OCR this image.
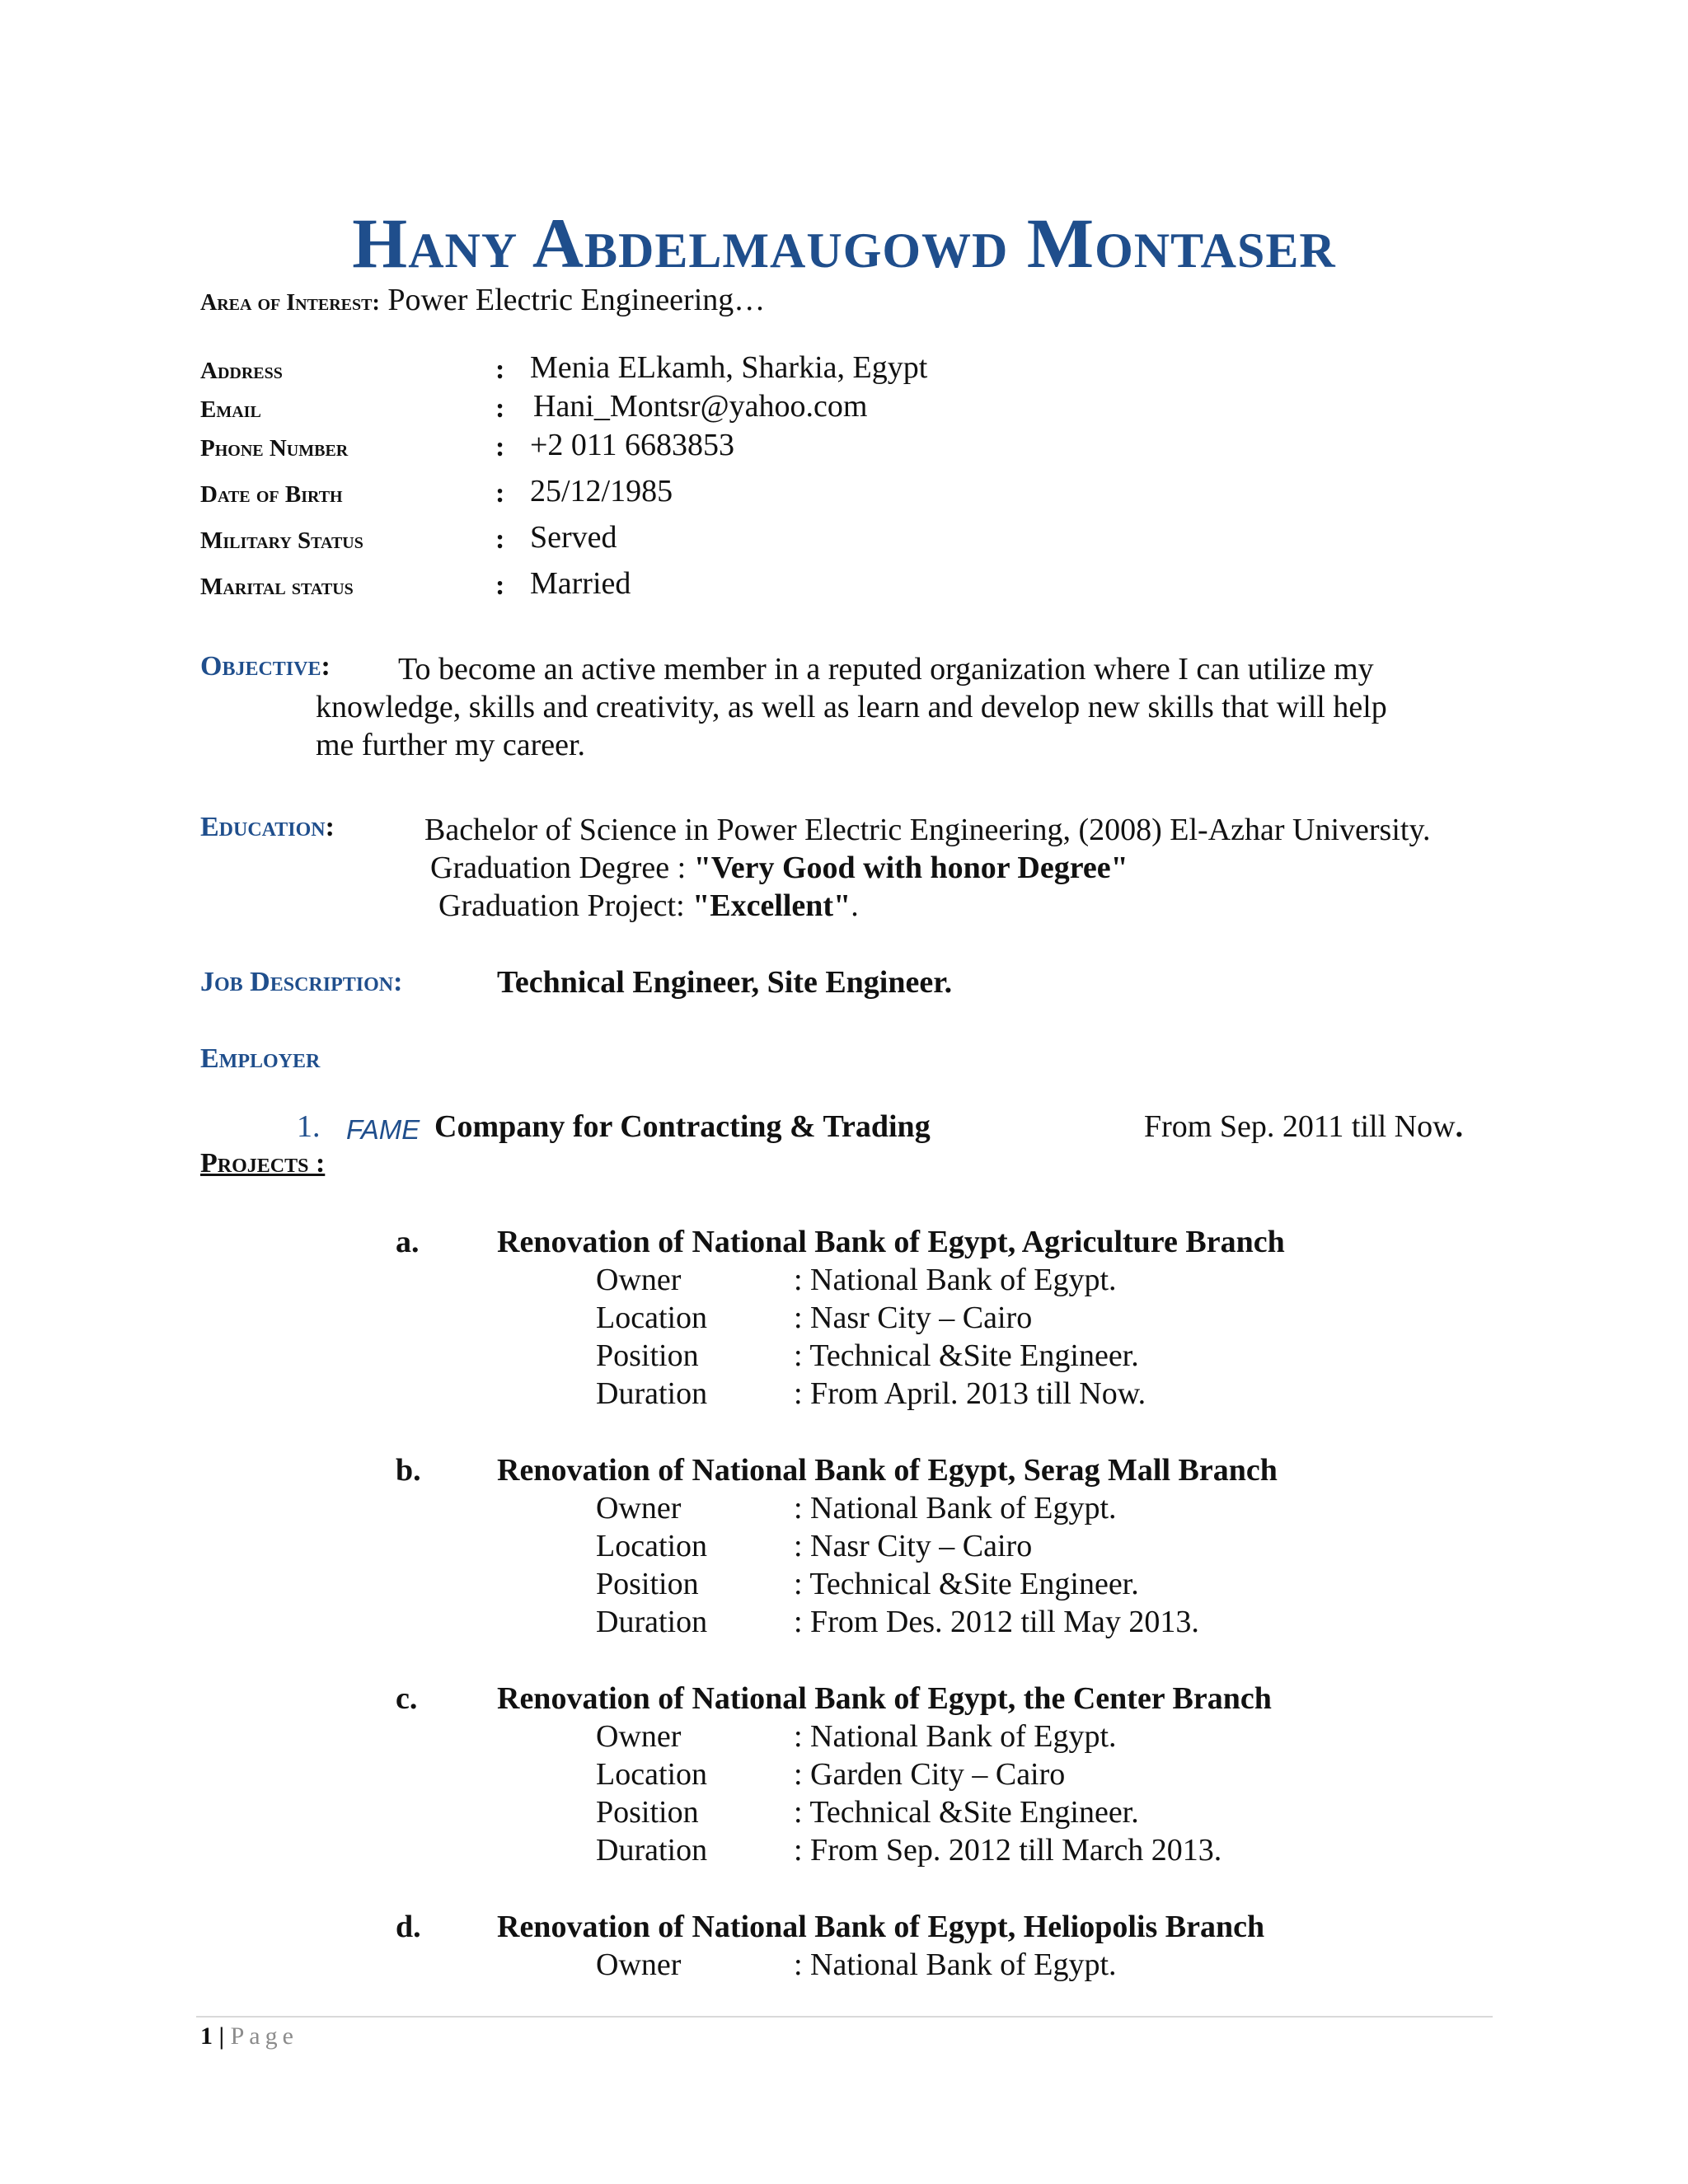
Hany Abdelmaugowd Montaser
Area of Interest: Power Electric Engineering…
Address	: Menia ELkamh, Sharkia, Egypt
Email	: Hani_Montsr@yahoo.com
Phone Number	: +2 011 6683853
Date of Birth	: 25/12/1985
Military Status	: Served
Marital status	: Married
Objective: To become an active member in a reputed organization where I can utilize my
knowledge, skills and creativity, as well as learn and develop new skills that will help
me further my career.
Education:	Bachelor of Science in Power Electric Engineering, (2008) El-Azhar University.
Graduation Degree : "Very Good with honor Degree"
Graduation Project: "Excellent".
Job Description:	Technical Engineer, Site Engineer.
Employer
1. FAME Company for Contracting & Trading	From Sep. 2011 till Now.
Projects :
a. Renovation of National Bank of Egypt, Agriculture Branch
Owner	: National Bank of Egypt.
Location	: Nasr City – Cairo
Position	: Technical &Site Engineer.
Duration	: From April. 2013 till Now.
b. Renovation of National Bank of Egypt, Serag Mall Branch
Owner	: National Bank of Egypt.
Location	: Nasr City – Cairo
Position	: Technical &Site Engineer.
Duration	: From Des. 2012 till May 2013.
c.	Renovation of National Bank of Egypt, the Center Branch
Owner	: National Bank of Egypt.
Location	: Garden City – Cairo
Position	: Technical &Site Engineer.
Duration	: From Sep. 2012 till March 2013.
d. Renovation of National Bank of Egypt, Heliopolis Branch
Owner	: National Bank of Egypt.
1 | Page
